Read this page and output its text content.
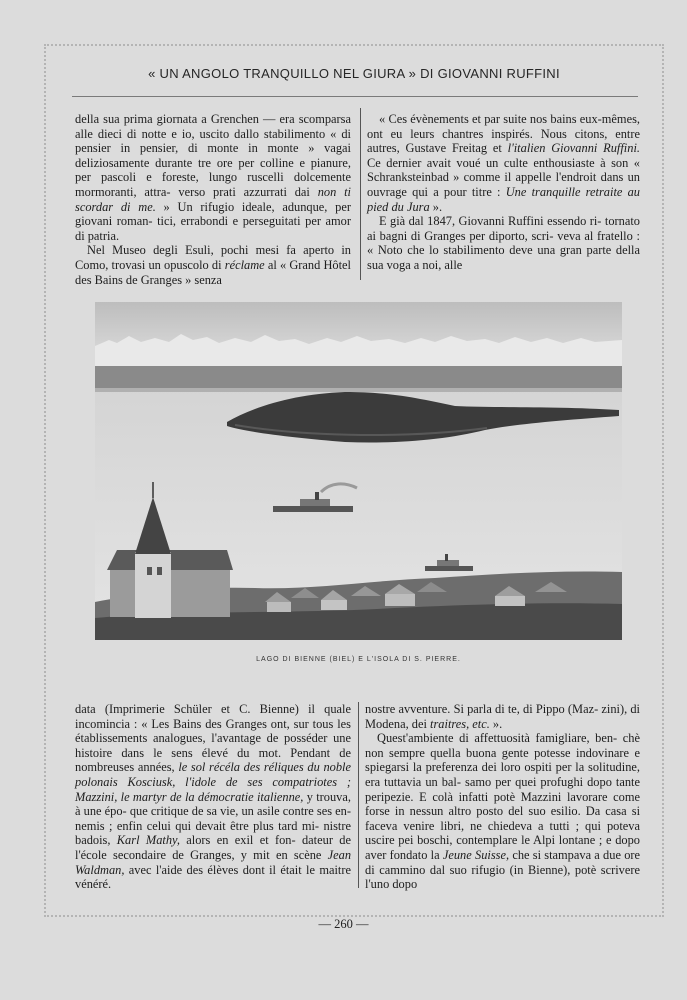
« UN ANGOLO TRANQUILLO NEL GIURA » DI GIOVANNI RUFFINI

della sua prima giornata a Grenchen — era scomparsa alle dieci di notte e io, uscito dallo stabilimento « di pensier in pensier, di monte in monte » vagai deliziosamente durante tre ore per colline e pianure, per pascoli e foreste, lungo ruscelli dolcemente mormoranti, attra- verso prati azzurrati dai non ti scordar di me. » Un rifugio ideale, adunque, per giovani roman- tici, errabondi e perseguitati per amor di patria.

Nel Museo degli Esuli, pochi mesi fa aperto in Como, trovasi un opuscolo di réclame al « Grand Hôtel des Bains de Granges » senza

« Ces évènements et par suite nos bains eux-mêmes, ont eu leurs chantres inspirés. Nous citons, entre autres, Gustave Freitag et l'italien Giovanni Ruffini. Ce dernier avait voué un culte enthousiaste à son « Schranksteinbad » comme il appelle l'endroit dans un ouvrage qui a pour titre : Une tranquille retraite au pied du Jura ».

E già dal 1847, Giovanni Ruffini essendo ri- tornato ai bagni di Granges per diporto, scri- veva al fratello : « Noto che lo stabilimento deve una gran parte della sua voga a noi, alle

LAGO DI BIENNE (BIEL) E L'ISOLA DI S. PIERRE.

data (Imprimerie Schüler et C. Bienne) il quale incomincia : « Les Bains des Granges ont, sur tous les établissements analogues, l'avantage de posséder une histoire dans le sens élevé du mot. Pendant de nombreuses années, le sol récéla des réliques du noble polonais Kosciusk, l'idole de ses compatriotes ; Mazzini, le martyr de la démocratie italienne, y trouva, à une épo- que critique de sa vie, un asile contre ses en- nemis ; enfin celui qui devait être plus tard mi- nistre badois, Karl Mathy, alors en exil et fon- dateur de l'école secondaire de Granges, y mit en scène Jean Waldman, avec l'aide des élèves dont il était le maitre vénéré.

nostre avventure. Si parla di te, di Pippo (Maz- zini), di Modena, dei traitres, etc. ».

Quest'ambiente di affettuosità famigliare, ben- chè non sempre quella buona gente potesse indovinare e spiegarsi la preferenza dei loro ospiti per la solitudine, era tuttavia un bal- samo per quei profughi dopo tante peripezie. E colà infatti potè Mazzini lavorare come forse in nessun altro posto del suo esilio. Da casa si faceva venire libri, ne chiedeva a tutti ; qui poteva uscire pei boschi, contemplare le Alpi lontane ; e dopo aver fondato la Jeune Suisse, che si stampava a due ore di cammino dal suo rifugio (in Bienne), potè scrivere l'uno dopo

— 260 —
